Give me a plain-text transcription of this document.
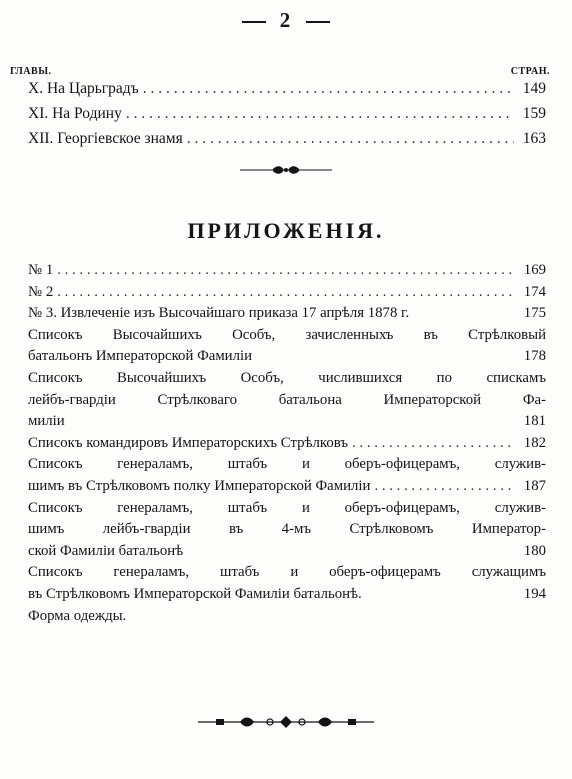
2
ГЛАВЫ.	СТРАН.
X. На Царьградъ . . .	149
XI. На Родину . . .	159
XII. Георгіевское знамя . . .	163
ПРИЛОЖЕНІЯ.
№ 1 . . .	169
№ 2 . . .	174
№ 3. Извлеченіе изъ Высочайшаго приказа 17 апрѣля 1878 г.	175
Списокъ Высочайшихъ Особъ, зачисленныхъ въ Стрѣлковый
батальонъ Императорской Фамиліи	178
Списокъ Высочайшихъ Особъ, числившихся по спискамъ
лейбъ-гвардіи Стрѣлковаго батальона Императорской Фа-
миліи	181
Списокъ командировъ Императорскихъ Стрѣлковъ . . .	182
Списокъ генераламъ, штабъ и оберъ-офицерамъ, служив-
шимъ въ Стрѣлковомъ полку Императорской Фамиліи . . .	187
Списокъ генераламъ, штабъ и оберъ-офицерамъ, служив-
шимъ лейбъ-гвардіи въ 4-мъ Стрѣлковомъ Император-
ской Фамиліи батальонѣ	180
Списокъ генераламъ, штабъ и оберъ-офицерамъ служащимъ
въ Стрѣлковомъ Императорской Фамиліи батальонѣ.	194
Форма одежды.
